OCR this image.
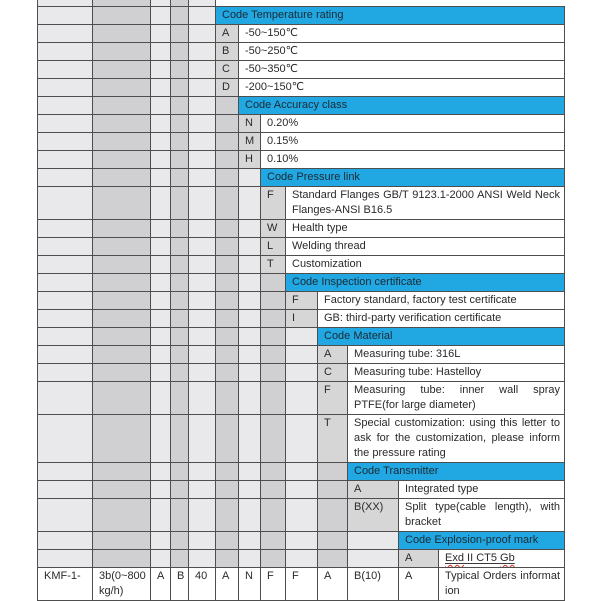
					Code Temperature rating							
					A	-50~150℃						
					B	-50~250℃						
					C	-50~350℃						
					D	-200~150℃						
						Code Accuracy class						
						N	0.20%					
						M	0.15%					
						H	0.10%					
							Code Pressure link					
							F	Standard Flanges GB/T 9123.1-2000 ANSI Weld Neck Flanges-ANSI B16.5				
							W	Health type				
							L	Welding thread				
							T	Customization				
								Code Inspection certificate				
								F	Factory standard, factory test certificate			
								I	GB: third-party verification certificate			
									Code Material			
									A	Measuring tube: 316L		
									C	Measuring tube: Hastelloy		
									F	Measuring tube: inner wall spray PTFE(for large diameter)		
									T	Special customization: using this letter to ask for the customization, please inform the pressure rating		
										Code Transmitter		
										A	Integrated type	
										B(XX)	Split type(cable length), with bracket	
											Code Explosion-proof mark	
											A	Exd II CT5 Gb
KMF-1-	3b(0~800kg/h)	A	B	40	A	N	F	F	A	B(10)	A	Typical Orders information
